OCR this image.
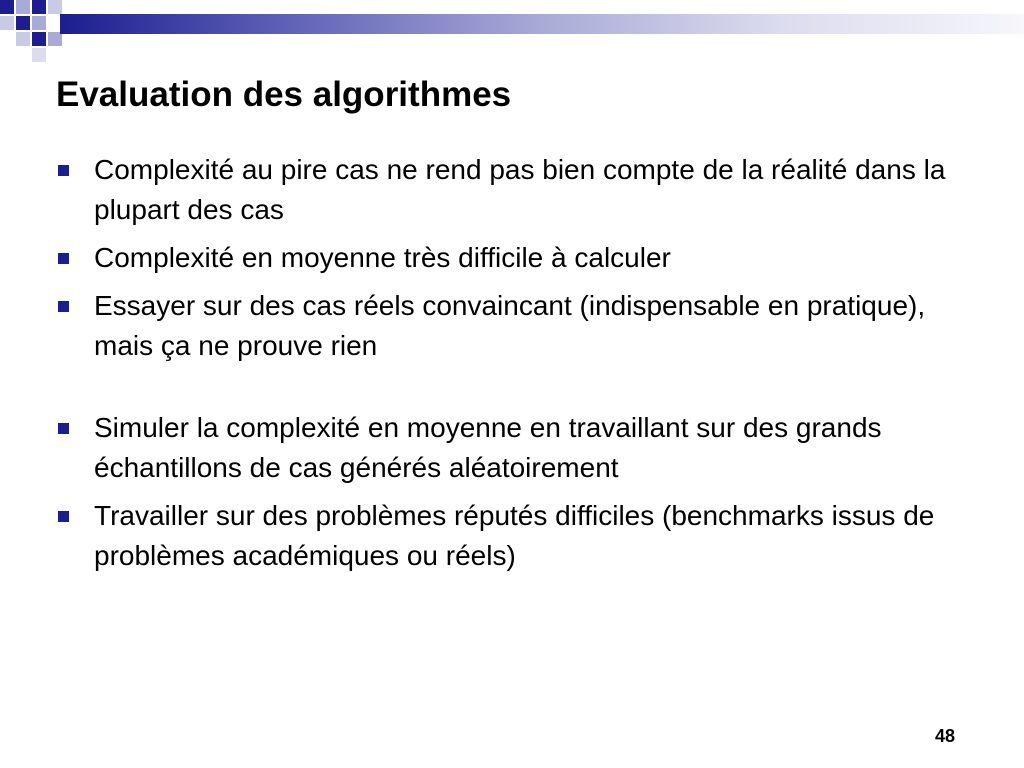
Evaluation des algorithmes
Complexité au pire cas ne rend pas bien compte de la réalité dans la plupart des cas
Complexité en moyenne très difficile à calculer
Essayer sur des cas réels convaincant (indispensable en pratique), mais ça ne prouve rien
Simuler la complexité en moyenne en travaillant sur des grands échantillons de cas générés aléatoirement
Travailler sur des problèmes réputés difficiles (benchmarks issus de problèmes académiques ou réels)
48
